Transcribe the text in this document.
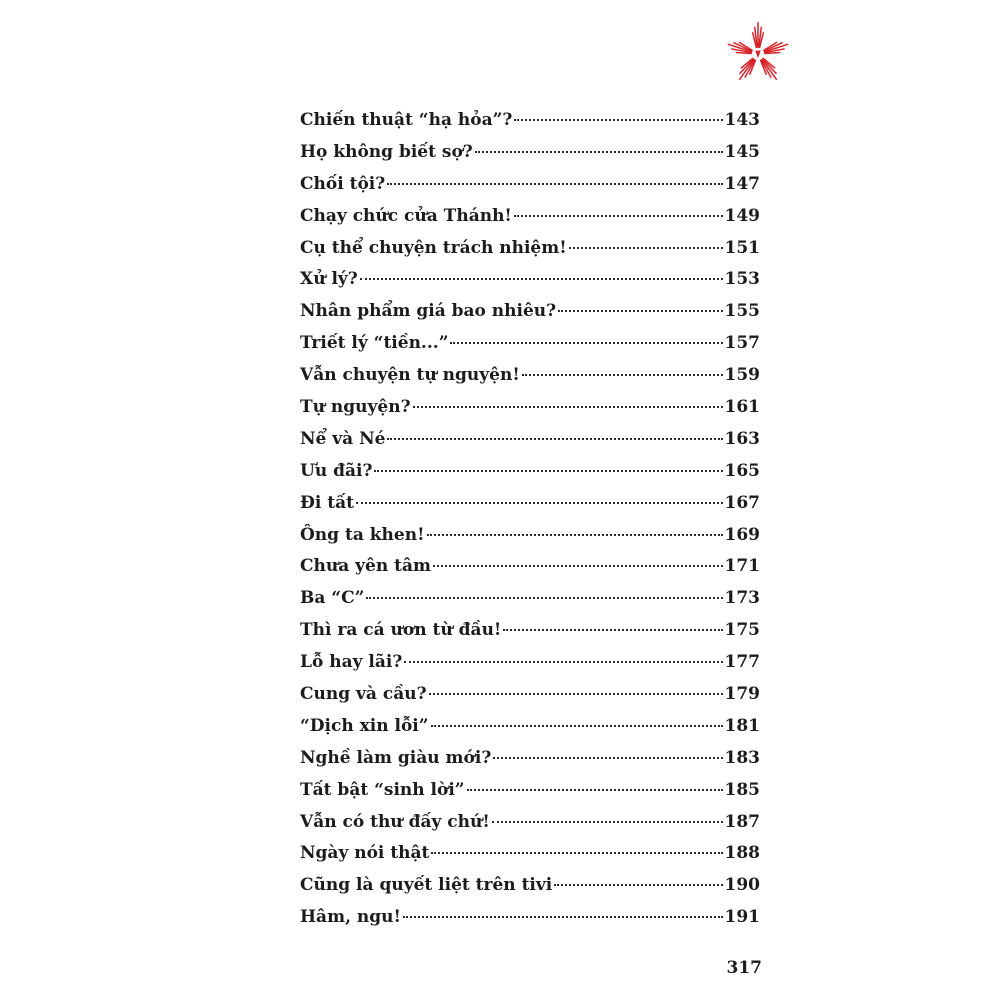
Chiến thuật “hạ hỏa”?	143
Họ không biết sợ?	145
Chối tội?	147
Chạy chức cửa Thánh!	149
Cụ thể chuyện trách nhiệm!	151
Xử lý?	153
Nhân phẩm giá bao nhiêu?	155
Triết lý “tiền...”	157
Vẫn chuyện tự nguyện!	159
Tự nguyện?	161
Nể và Né	163
Ưu đãi?	165
Đi tất	167
Ông ta khen!	169
Chưa yên tâm	171
Ba “C”	173
Thì ra cá ươn từ đầu!	175
Lỗ hay lãi?	177
Cung và cầu?	179
“Dịch xin lỗi”	181
Nghề làm giàu mới?	183
Tất bật “sinh lời”	185
Vẫn có thư đấy chứ!	187
Ngày nói thật	188
Cũng là quyết liệt trên tivi	190
Hâm, ngu!	191
317
